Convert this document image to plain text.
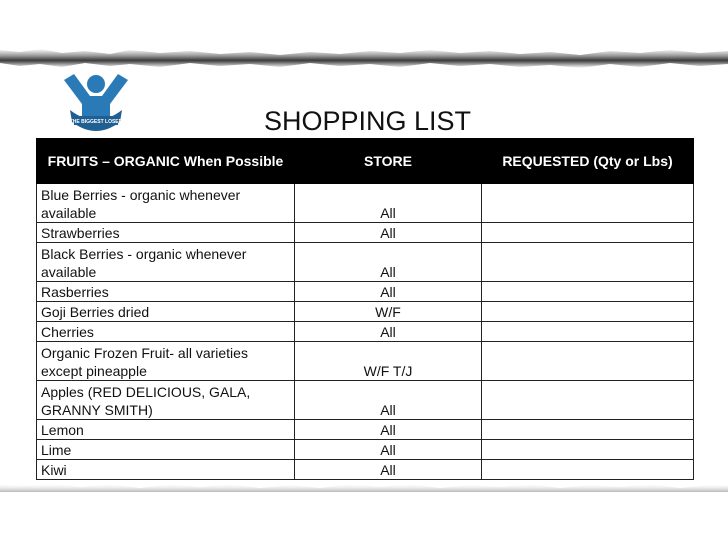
THE BIGGEST LOSER	SHOPPING LIST
FRUITS – ORGANIC When Possible	STORE	REQUESTED (Qty or Lbs)
Blue Berries - organic whenever available	All	
Strawberries	All	
Black Berries - organic whenever available	All	
Rasberries	All	
Goji Berries dried	W/F	
Cherries	All	
Organic Frozen Fruit- all varieties except pineapple	W/F T/J	
Apples (RED DELICIOUS, GALA, GRANNY SMITH)	All	
Lemon	All	
Lime	All	
Kiwi	All	
